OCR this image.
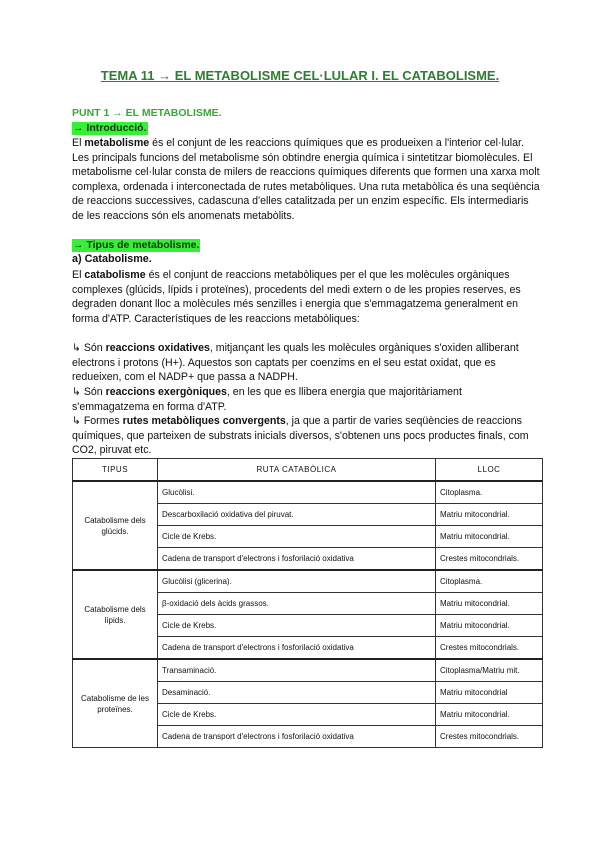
TEMA 11 → EL METABOLISME CEL·LULAR I. EL CATABOLISME.
PUNT 1 → EL METABOLISME.
→ Introducció.

El metabolisme és el conjunt de les reaccions químiques que es produeixen a l'interior cel·lular. Les principals funcions del metabolisme són obtindre energia química i sintetitzar biomolècules. El metabolisme cel·lular consta de milers de reaccions químiques diferents que formen una xarxa molt complexa, ordenada i interconectada de rutes metabòliques. Una ruta metabòlica és una seqüència de reaccions successives, cadascuna d'elles catalitzada per un enzim específic. Els intermediaris de les reaccions són els anomenats metabòlits.

→ Tipus de metabolisme.
a) Catabolisme.

El catabolisme és el conjunt de reaccions metabòliques per el que les molècules orgàniques complexes (glúcids, lípids i proteïnes), procedents del medi extern o de les propies reserves, es degraden donant lloc a molècules més senzilles i energia que s'emmagatzema generalment en forma d'ATP. Característiques de les reaccions metabòliques:

↳ Són reaccions oxidatives, mitjançant les quals les molècules orgàniques s'oxiden alliberant electrons i protons (H+). Aquestos son captats per coenzims en el seu estat oxidat, que es redueixen, com el NADP+ que passa a NADPH.

↳ Són reaccions exergòniques, en les que es llibera energia que majoritàriament s'emmagatzema en forma d'ATP.

↳ Formes rutes metabòliques convergents, ja que a partir de varies seqüències de reaccions químiques, que parteixen de substrats inicials diversos, s'obtenen uns pocs productes finals, com CO2, piruvat etc.

TIPUS	RUTA CATABÒLICA	LLOC
Catabolisme dels glúcids.	Glucòlisi.	Citoplasma.
	Descarboxilació oxidativa del piruvat.	Matriu mitocondrial.
	Cicle de Krebs.	Matriu mitocondrial.
	Cadena de transport d'electrons i fosforilació oxidativa	Crestes mitocondrials.
Catabolisme dels lípids.	Glucòlisi (glicerina).	Citoplasma.
	β-oxidació dels àcids grassos.	Matriu mitocondrial.
	Cicle de Krebs.	Matriu mitocondrial.
	Cadena de transport d'electrons i fosforilació oxidativa	Crestes mitocondrials.
Catabolisme de les proteïnes.	Transaminació.	Citoplasma/Matriu mit.
	Desaminació.	Matriu mitocondrial
	Cicle de Krebs.	Matriu mitocondrial.
	Cadena de transport d'electrons i fosforilació oxidativa	Crestes mitocondrials.
